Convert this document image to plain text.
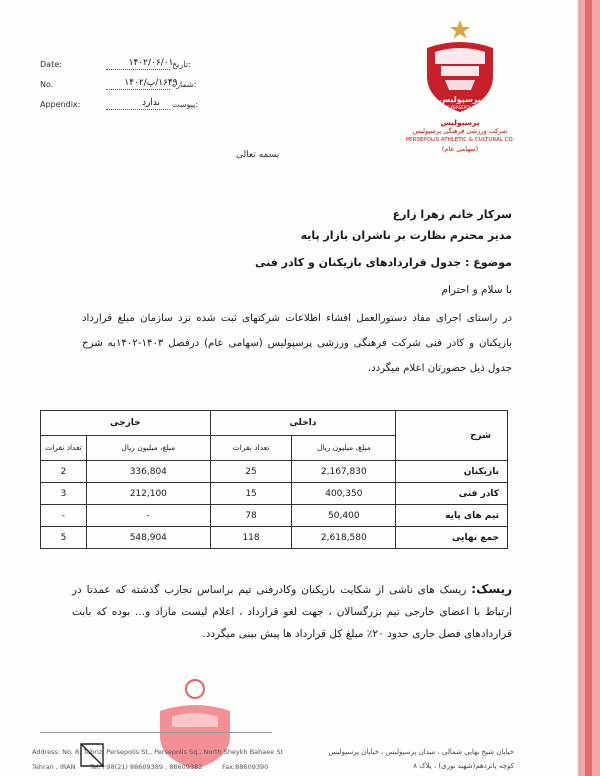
Date:	۱۴۰۲/۰۶/۰۱
تاریخ:
No.	۱۶۴۹/پ/۱۴۰۲
شماره:
Appendix:	ندارد	پیوست:
پرسپولیس
FC PERSEPOLIS
پرسپولیس
شرکت ورزشی فرهنگی پرسپولیس
PERSEPOLIS ATHLETIC & CULTURAL CO.
(سهامی عام)
بسمه تعالی
سرکار خانم زهرا زارع
مدیر محترم نظارت بر ناشران بازار پایه
موضوع : جدول قراردادهای بازیکنان و کادر فنی
با سلام و احترام
در راستای اجرای مفاد دستورالعمل افشاء اطلاعات شرکتهای ثبت شده نزد سازمان مبلغ قرارداد بازیکنان و کادر فنی شرکت فرهنگی ورزشی پرسپولیس (سهامی عام) درفصل ۱۴۰۳-۱۴۰۲به شرح جدول ذیل حضورتان اعلام میگردد.
شرح	داخلی		خارجی	
	مبلغ، میلیون ریال	تعداد نفرات	مبلغ، میلیون ریال	تعداد نفرات
بازیکنان	2,167,830	25	336,804	2
کادر فنی	400,350	15	212,100	3
تیم های پایه	50,400	78	-	-
جمع نهایی	2,618,580	118	548,904	5
ریسک: ریسک های ناشی از شکایت بازیکنان وکادرفنی تیم براساس تجارب گذشته که عمدتا در ارتباط با اعضای خارجی تیم بزرگسالان ، جهت لغو قرارداد ، اعلام لیست مازاد و... بوده که بابت قراردادهای فصل جاری حدود ۲۰٪ مبلغ کل قرارداد ها پیش بینی میگردد.
Address: No. 8, Tabriz, Persepolis St., Persepolis Sq., North Sheykh Bahaee St
Tehran , IRAN Tel:+98(21) 88609389 , 88609382	Fax:88609390
خیابان شیخ بهایی شمالی ، میدان پرسپولیس ، خیابان پرسپولیس
کوچه پانزدهم(شهید نوری) ، پلاک ۸
